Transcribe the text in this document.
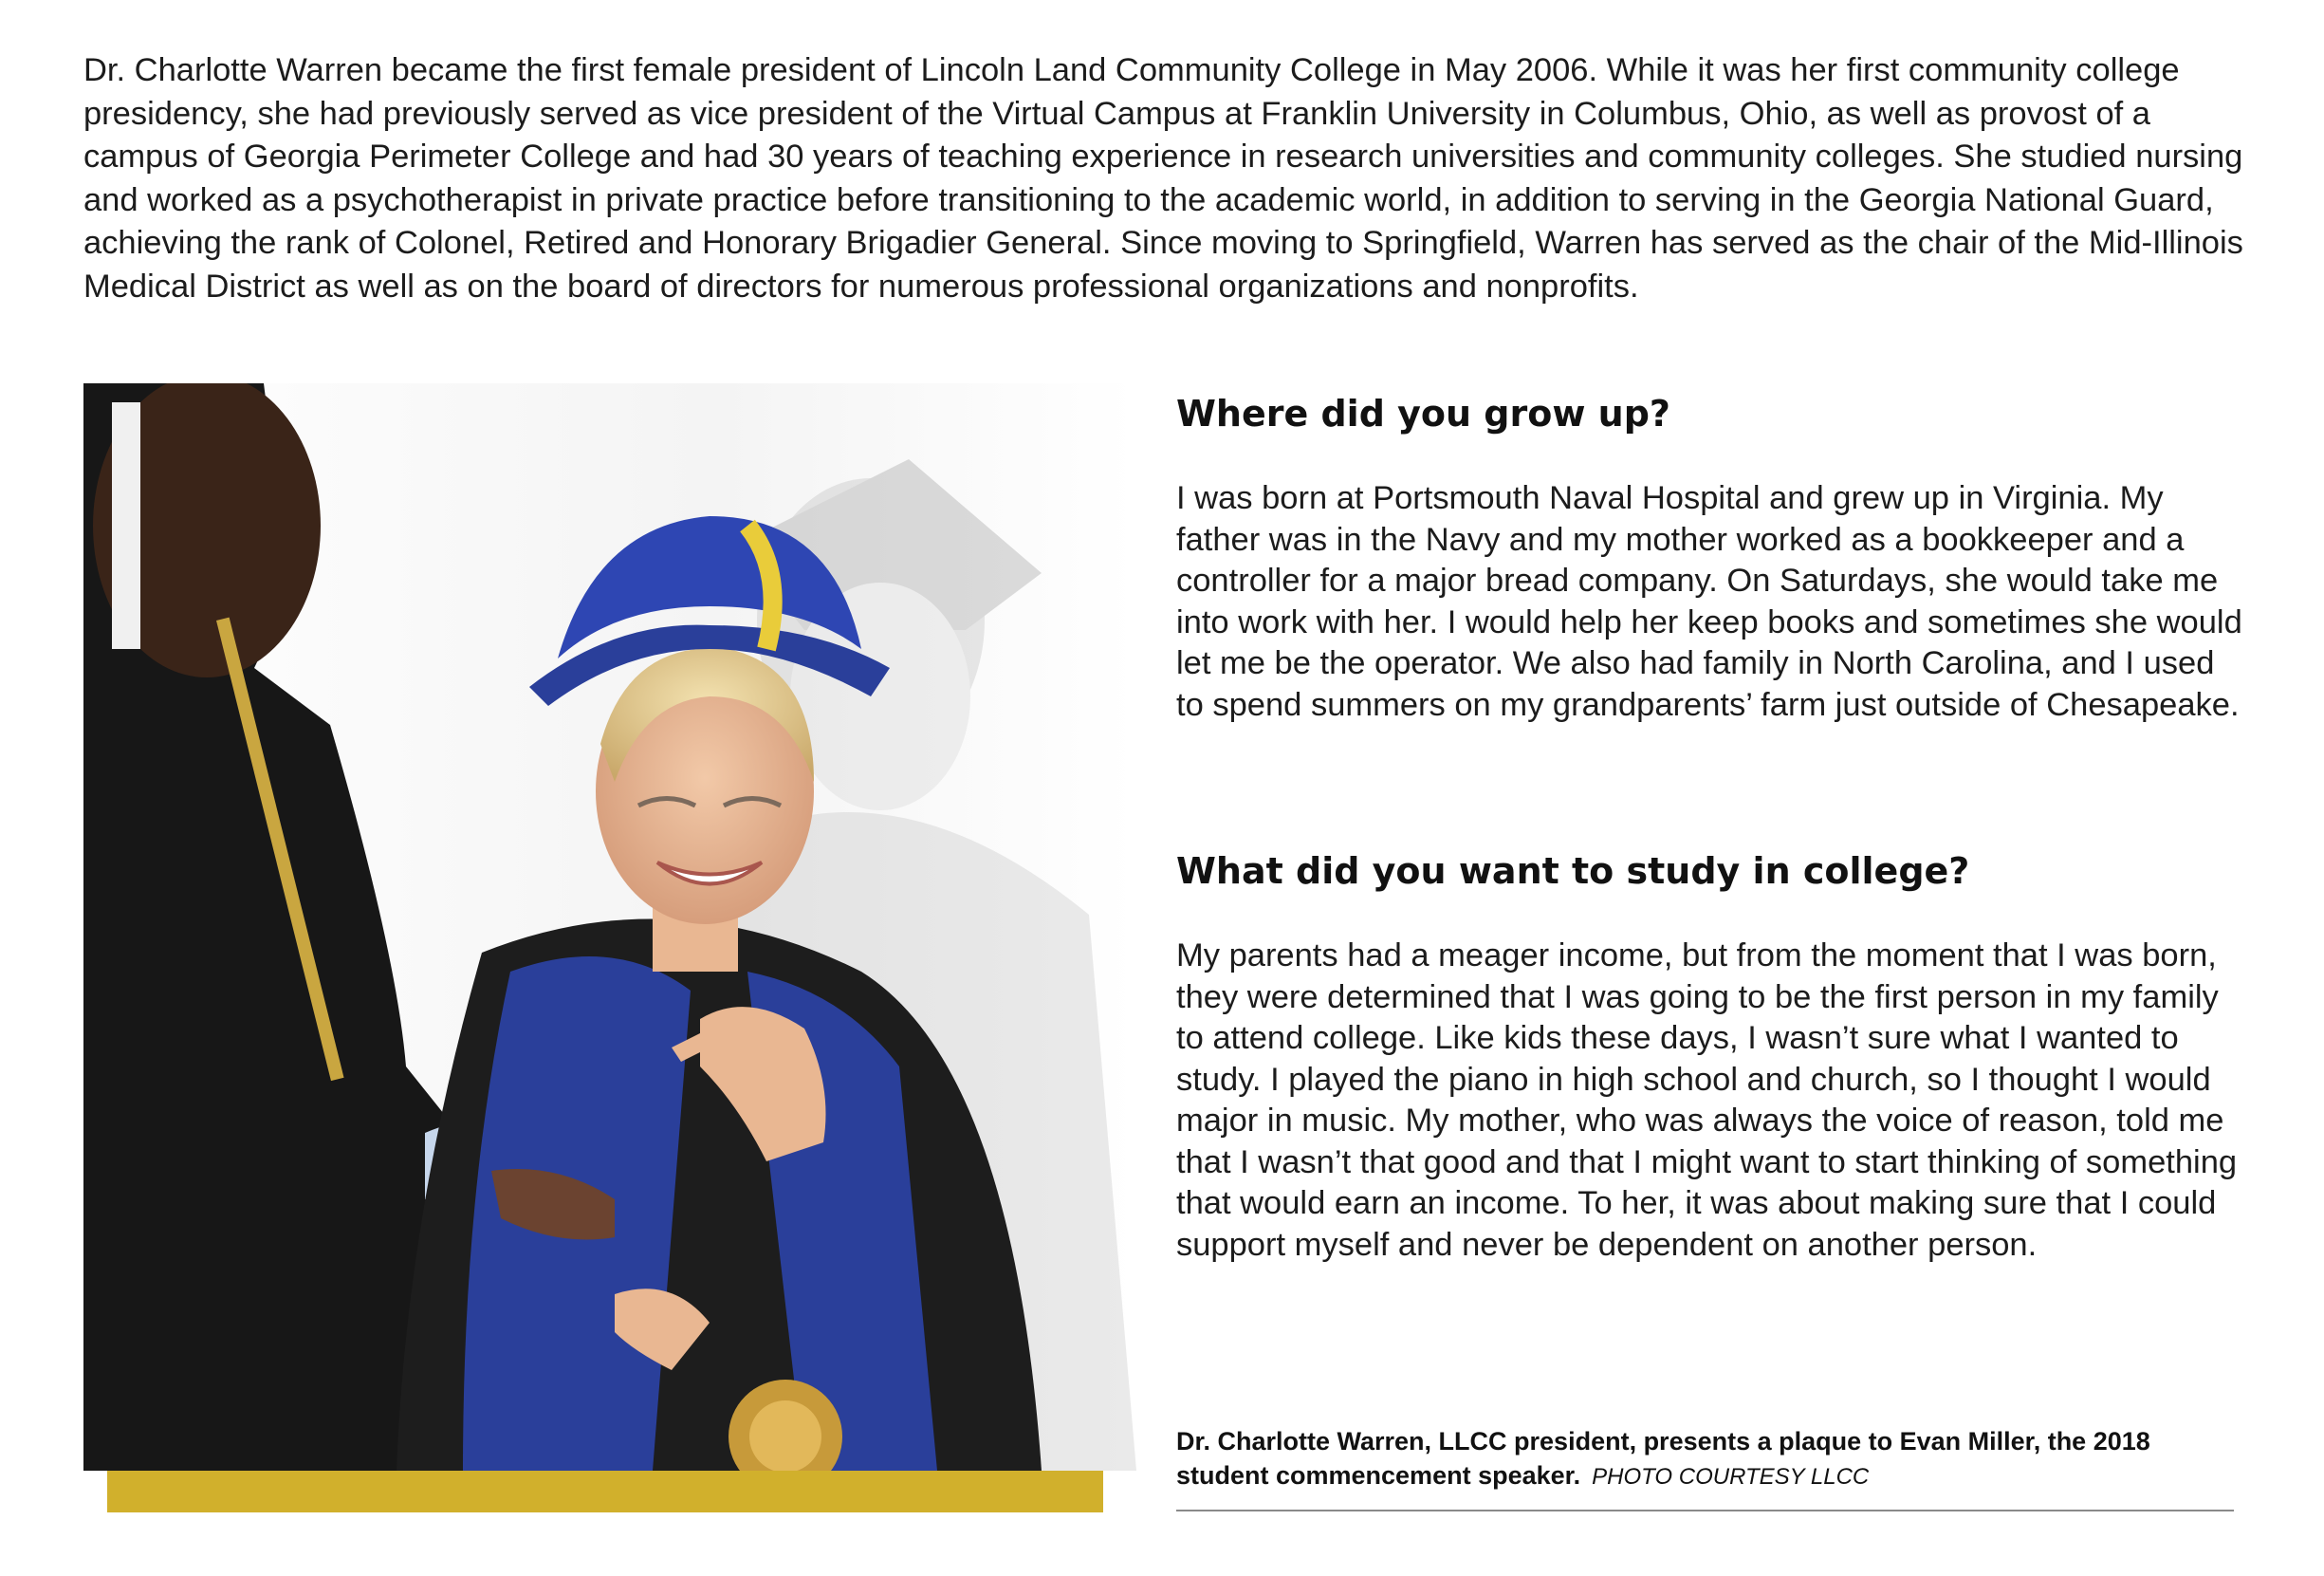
Dr. Charlotte Warren became the first female president of Lincoln Land Community College in May 2006. While it was her first community college presidency, she had previously served as vice president of the Virtual Campus at Franklin University in Columbus, Ohio, as well as provost of a campus of Georgia Perimeter College and had 30 years of teaching experience in research universities and community colleges. She studied nursing and worked as a psychotherapist in private practice before transitioning to the academic world, in addition to serving in the Georgia National Guard, achieving the rank of Colonel, Retired and Honorary Brigadier General. Since moving to Springfield, Warren has served as the chair of the Mid-Illinois Medical District as well as on the board of directors for numerous professional organizations and nonprofits.

Where did you grow up?

I was born at Portsmouth Naval Hospital and grew up in Virginia. My father was in the Navy and my mother worked as a bookkeeper and a controller for a major bread company. On Saturdays, she would take me into work with her. I would help her keep books and sometimes she would let me be the operator. We also had family in North Carolina, and I used to spend summers on my grandparents’ farm just outside of Chesapeake.

What did you want to study in college?

My parents had a meager income, but from the moment that I was born, they were determined that I was going to be the first person in my family to attend college. Like kids these days, I wasn’t sure what I wanted to study. I played the piano in high school and church, so I thought I would major in music. My mother, who was always the voice of reason, told me that I wasn’t that good and that I might want to start thinking of something that would earn an income. To her, it was about making sure that I could support myself and never be dependent on another person.

Dr. Charlotte Warren, LLCC president, presents a plaque to Evan Miller, the 2018 student commencement speaker. PHOTO COURTESY LLCC
